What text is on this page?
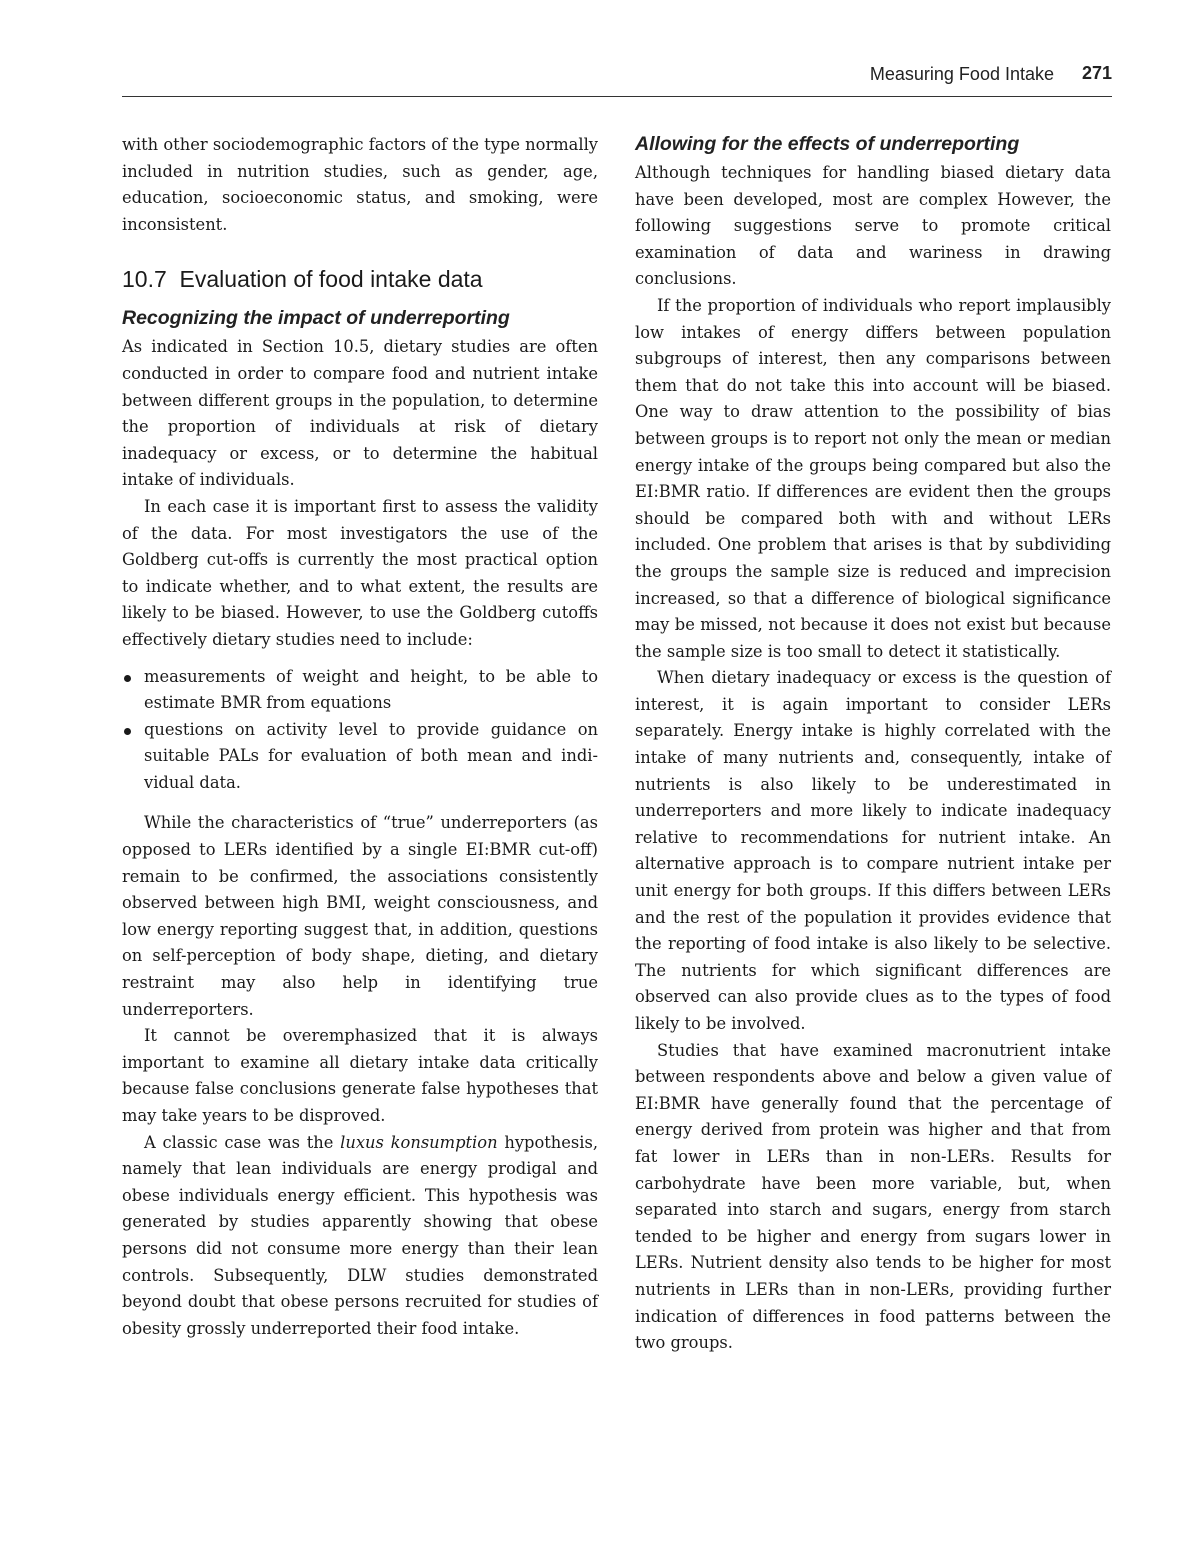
Measuring Food Intake 271

with other sociodemographic factors of the type normally included in nutrition studies, such as gender, age, education, socioeconomic status, and smoking, were inconsistent.

10.7 Evaluation of food intake data
Recognizing the impact of underreporting

As indicated in Section 10.5, dietary studies are often conducted in order to compare food and nutrient intake between different groups in the population, to determine the proportion of individuals at risk of dietary inadequacy or excess, or to determine the habitual intake of individuals.

In each case it is important first to assess the validity of the data. For most investigators the use of the Goldberg cut-offs is currently the most practical option to indicate whether, and to what extent, the results are likely to be biased. However, to use the Goldberg cutoffs effectively dietary studies need to include:

measurements of weight and height, to be able to estimate BMR from equations
questions on activity level to provide guidance on suitable PALs for evaluation of both mean and individual data.

While the characteristics of “true” underreporters (as opposed to LERs identified by a single EI:BMR cut-off) remain to be confirmed, the associations consistently observed between high BMI, weight consciousness, and low energy reporting suggest that, in addition, questions on self-perception of body shape, dieting, and dietary restraint may also help in identifying true underreporters.

It cannot be overemphasized that it is always important to examine all dietary intake data critically because false conclusions generate false hypotheses that may take years to be disproved.

A classic case was the luxus konsumption hypothesis, namely that lean individuals are energy prodigal and obese individuals energy efficient. This hypothesis was generated by studies apparently showing that obese persons did not consume more energy than their lean controls. Subsequently, DLW studies demonstrated beyond doubt that obese persons recruited for studies of obesity grossly underreported their food intake.

Allowing for the effects of underreporting

Although techniques for handling biased dietary data have been developed, most are complex However, the following suggestions serve to promote critical examination of data and wariness in drawing conclusions.

If the proportion of individuals who report implausibly low intakes of energy differs between population subgroups of interest, then any comparisons between them that do not take this into account will be biased. One way to draw attention to the possibility of bias between groups is to report not only the mean or median energy intake of the groups being compared but also the EI:BMR ratio. If differences are evident then the groups should be compared both with and without LERs included. One problem that arises is that by subdividing the groups the sample size is reduced and imprecision increased, so that a difference of biological significance may be missed, not because it does not exist but because the sample size is too small to detect it statistically.

When dietary inadequacy or excess is the question of interest, it is again important to consider LERs separately. Energy intake is highly correlated with the intake of many nutrients and, consequently, intake of nutrients is also likely to be underestimated in underreporters and more likely to indicate inadequacy relative to recommendations for nutrient intake. An alternative approach is to compare nutrient intake per unit energy for both groups. If this differs between LERs and the rest of the population it provides evidence that the reporting of food intake is also likely to be selective. The nutrients for which significant differences are observed can also provide clues as to the types of food likely to be involved.

Studies that have examined macronutrient intake between respondents above and below a given value of EI:BMR have generally found that the percentage of energy derived from protein was higher and that from fat lower in LERs than in non-LERs. Results for carbohydrate have been more variable, but, when separated into starch and sugars, energy from starch tended to be higher and energy from sugars lower in LERs. Nutrient density also tends to be higher for most nutrients in LERs than in non-LERs, providing further indication of differences in food patterns between the two groups.
